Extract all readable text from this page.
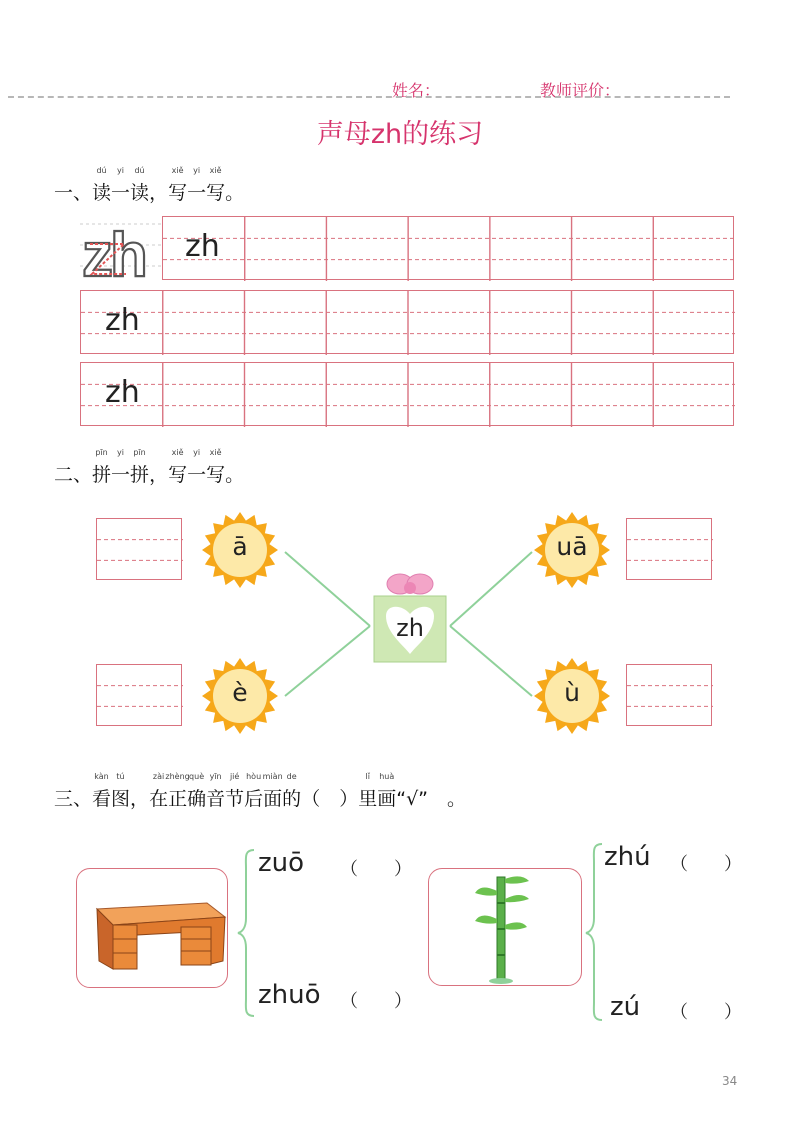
姓名：	教师评价：
声母zh的练习
一、
dú
读
yi
一
dú
读，
xiě
写
yi
一
xiě
写。
zh zh
zh
zh
二、
pīn
拼
yi
一
pīn
拼，
xiě
写
yi
一
xiě
写。
ā
è
uā
ù
zh
三、
kàn
看
tú
图，
zài
在
zhèng
正
què
确
yīn
音
jié
节
hòu
后
miàn
面
de
的（　）
lǐ
里
huà
画“√”　。
zuō （　　）
zhuō （　　）
zhú （　　）
zú （　　）
34
